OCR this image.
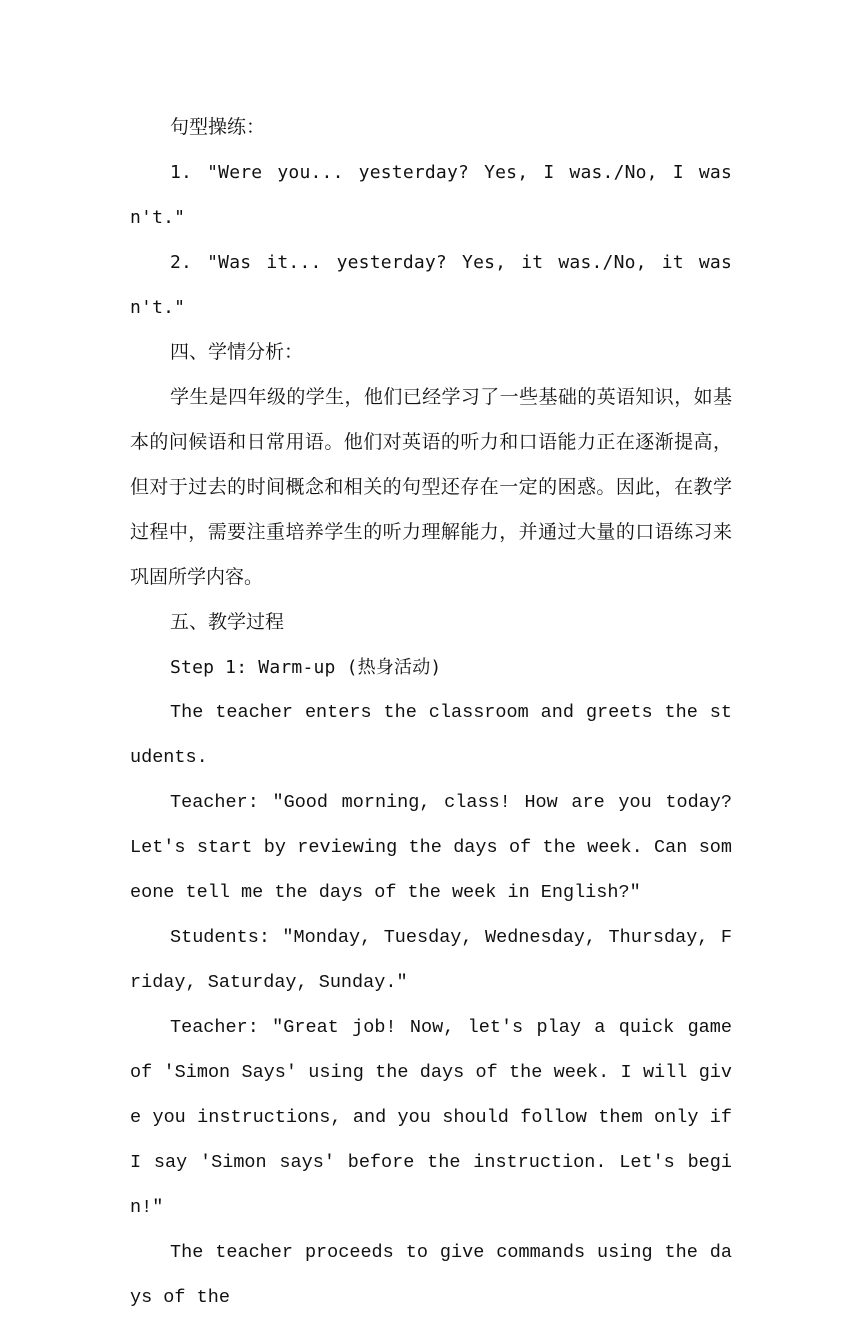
句型操练：

1. "Were you... yesterday? Yes, I was./No, I wasn't."

2. "Was it... yesterday? Yes, it was./No, it wasn't."

四、学情分析：

学生是四年级的学生，他们已经学习了一些基础的英语知识，如基本的问候语和日常用语。他们对英语的听力和口语能力正在逐渐提高，但对于过去的时间概念和相关的句型还存在一定的困惑。因此，在教学过程中，需要注重培养学生的听力理解能力，并通过大量的口语练习来巩固所学内容。

五、教学过程

Step 1: Warm-up (热身活动)

The teacher enters the classroom and greets the students.

Teacher: "Good morning, class! How are you today? Let's start by reviewing the days of the week. Can someone tell me the days of the week in English?"

Students: "Monday, Tuesday, Wednesday, Thursday, Friday, Saturday, Sunday."

Teacher: "Great job! Now, let's play a quick game of 'Simon Says' using the days of the week. I will give you instructions, and you should follow them only if I say 'Simon says' before the instruction. Let's begin!"

The teacher proceeds to give commands using the days of the
